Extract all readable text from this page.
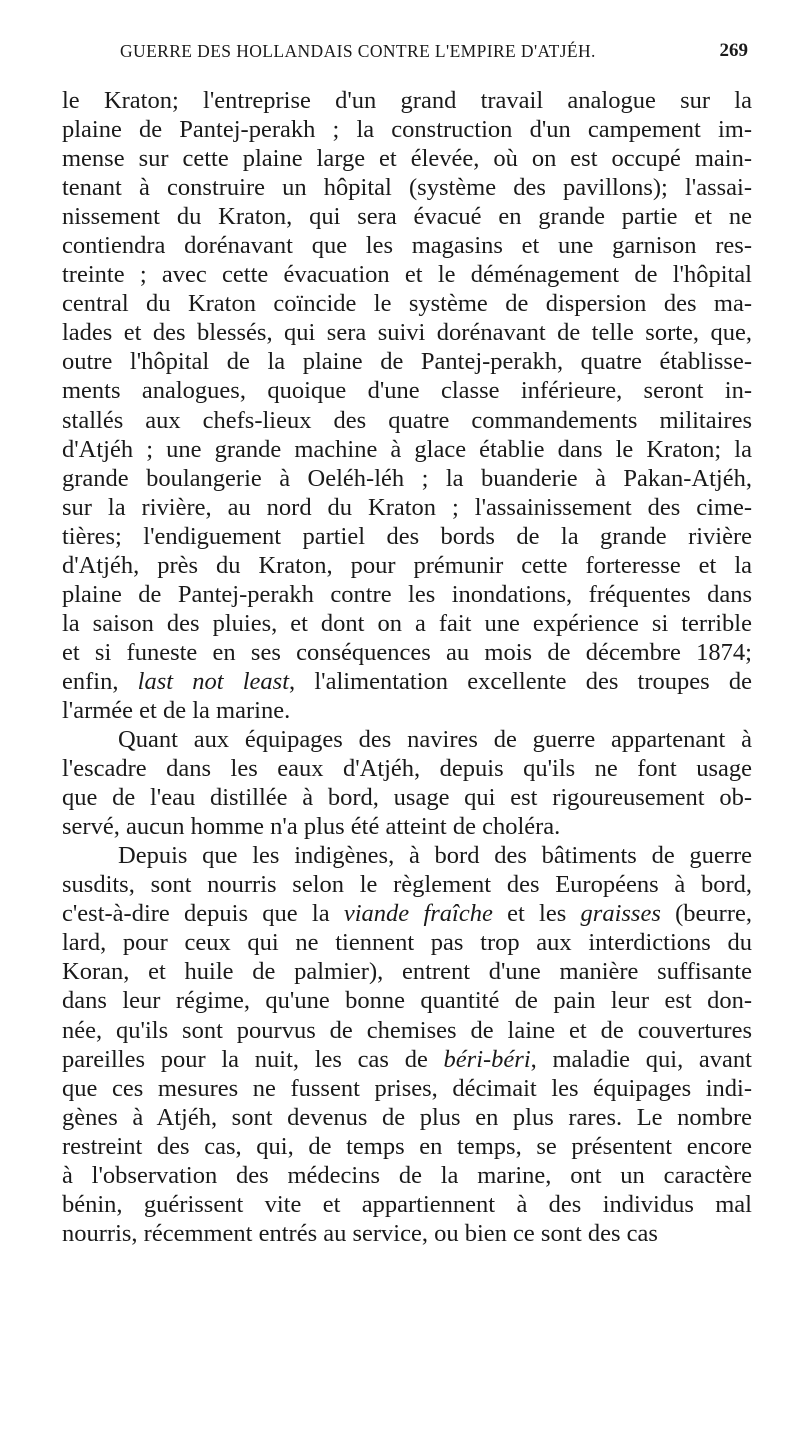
GUERRE DES HOLLANDAIS CONTRE L'EMPIRE D'ATJÉH.	269
le Kraton; l'entreprise d'un grand travail analogue sur la
plaine de Pantej-perakh ; la construction d'un campement im-
mense sur cette plaine large et élevée, où on est occupé main-
tenant à construire un hôpital (système des pavillons); l'assai-
nissement du Kraton, qui sera évacué en grande partie et ne
contiendra dorénavant que les magasins et une garnison res-
treinte ; avec cette évacuation et le déménagement de l'hôpital
central du Kraton coïncide le système de dispersion des ma-
lades et des blessés, qui sera suivi dorénavant de telle sorte, que,
outre l'hôpital de la plaine de Pantej-perakh, quatre établisse-
ments analogues, quoique d'une classe inférieure, seront in-
stallés aux chefs-lieux des quatre commandements militaires
d'Atjéh ; une grande machine à glace établie dans le Kraton; la
grande boulangerie à Oeléh-léh ; la buanderie à Pakan-Atjéh,
sur la rivière, au nord du Kraton ; l'assainissement des cime-
tières; l'endiguement partiel des bords de la grande rivière
d'Atjéh, près du Kraton, pour prémunir cette forteresse et la
plaine de Pantej-perakh contre les inondations, fréquentes dans
la saison des pluies, et dont on a fait une expérience si terrible
et si funeste en ses conséquences au mois de décembre 1874;
enfin, last not least, l'alimentation excellente des troupes de
l'armée et de la marine.
Quant aux équipages des navires de guerre appartenant à
l'escadre dans les eaux d'Atjéh, depuis qu'ils ne font usage
que de l'eau distillée à bord, usage qui est rigoureusement ob-
servé, aucun homme n'a plus été atteint de choléra.
Depuis que les indigènes, à bord des bâtiments de guerre
susdits, sont nourris selon le règlement des Européens à bord,
c'est-à-dire depuis que la viande fraîche et les graisses (beurre,
lard, pour ceux qui ne tiennent pas trop aux interdictions du
Koran, et huile de palmier), entrent d'une manière suffisante
dans leur régime, qu'une bonne quantité de pain leur est don-
née, qu'ils sont pourvus de chemises de laine et de couvertures
pareilles pour la nuit, les cas de béri-béri, maladie qui, avant
que ces mesures ne fussent prises, décimait les équipages indi-
gènes à Atjéh, sont devenus de plus en plus rares. Le nombre
restreint des cas, qui, de temps en temps, se présentent encore
à l'observation des médecins de la marine, ont un caractère
bénin, guérissent vite et appartiennent à des individus mal
nourris, récemment entrés au service, ou bien ce sont des cas
